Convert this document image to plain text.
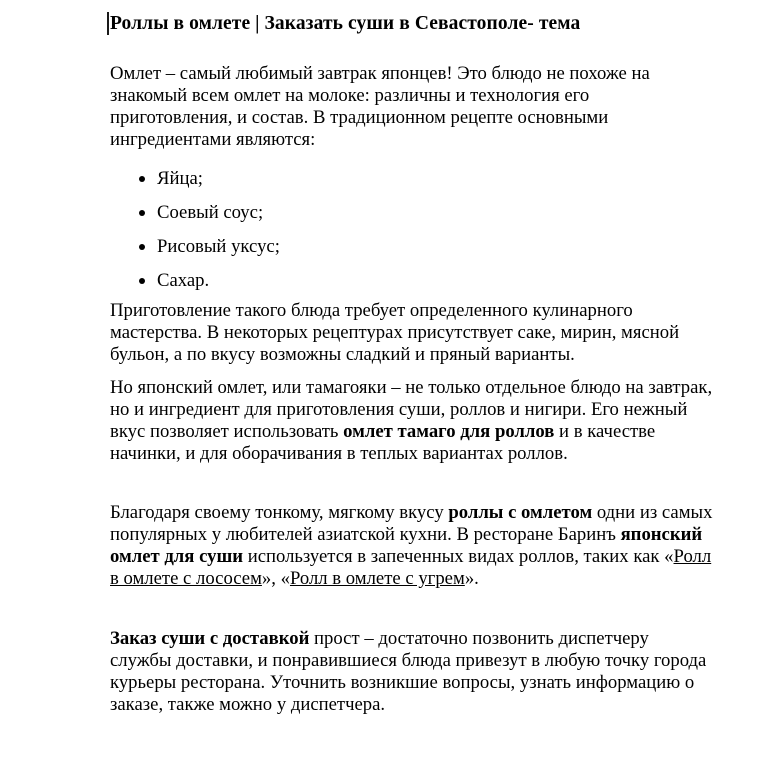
Роллы в омлете | Заказать суши в Севастополе- тема

Омлет – самый любимый завтрак японцев! Это блюдо не похоже на знакомый всем омлет на молоке: различны и технология его приготовления, и состав. В традиционном рецепте основными ингредиентами являются:

Яйца;
Соевый соус;
Рисовый уксус;
Сахар.

Приготовление такого блюда требует определенного кулинарного мастерства. В некоторых рецептурах присутствует саке, мирин, мясной бульон, а по вкусу возможны сладкий и пряный варианты.

Но японский омлет, или тамагояки – не только отдельное блюдо на завтрак, но и ингредиент для приготовления суши, роллов и нигири. Его нежный вкус позволяет использовать омлет тамаго для роллов и в качестве начинки, и для оборачивания в теплых вариантах роллов.

Благодаря своему тонкому, мягкому вкусу роллы с омлетом одни из самых популярных у любителей азиатской кухни. В ресторане Баринъ японский омлет для суши используется в запеченных видах роллов, таких как «Ролл в омлете с лососем», «Ролл в омлете с угрем».

Заказ суши с доставкой прост – достаточно позвонить диспетчеру службы доставки, и понравившиеся блюда привезут в любую точку города курьеры ресторана. Уточнить возникшие вопросы, узнать информацию о заказе, также можно у диспетчера.
